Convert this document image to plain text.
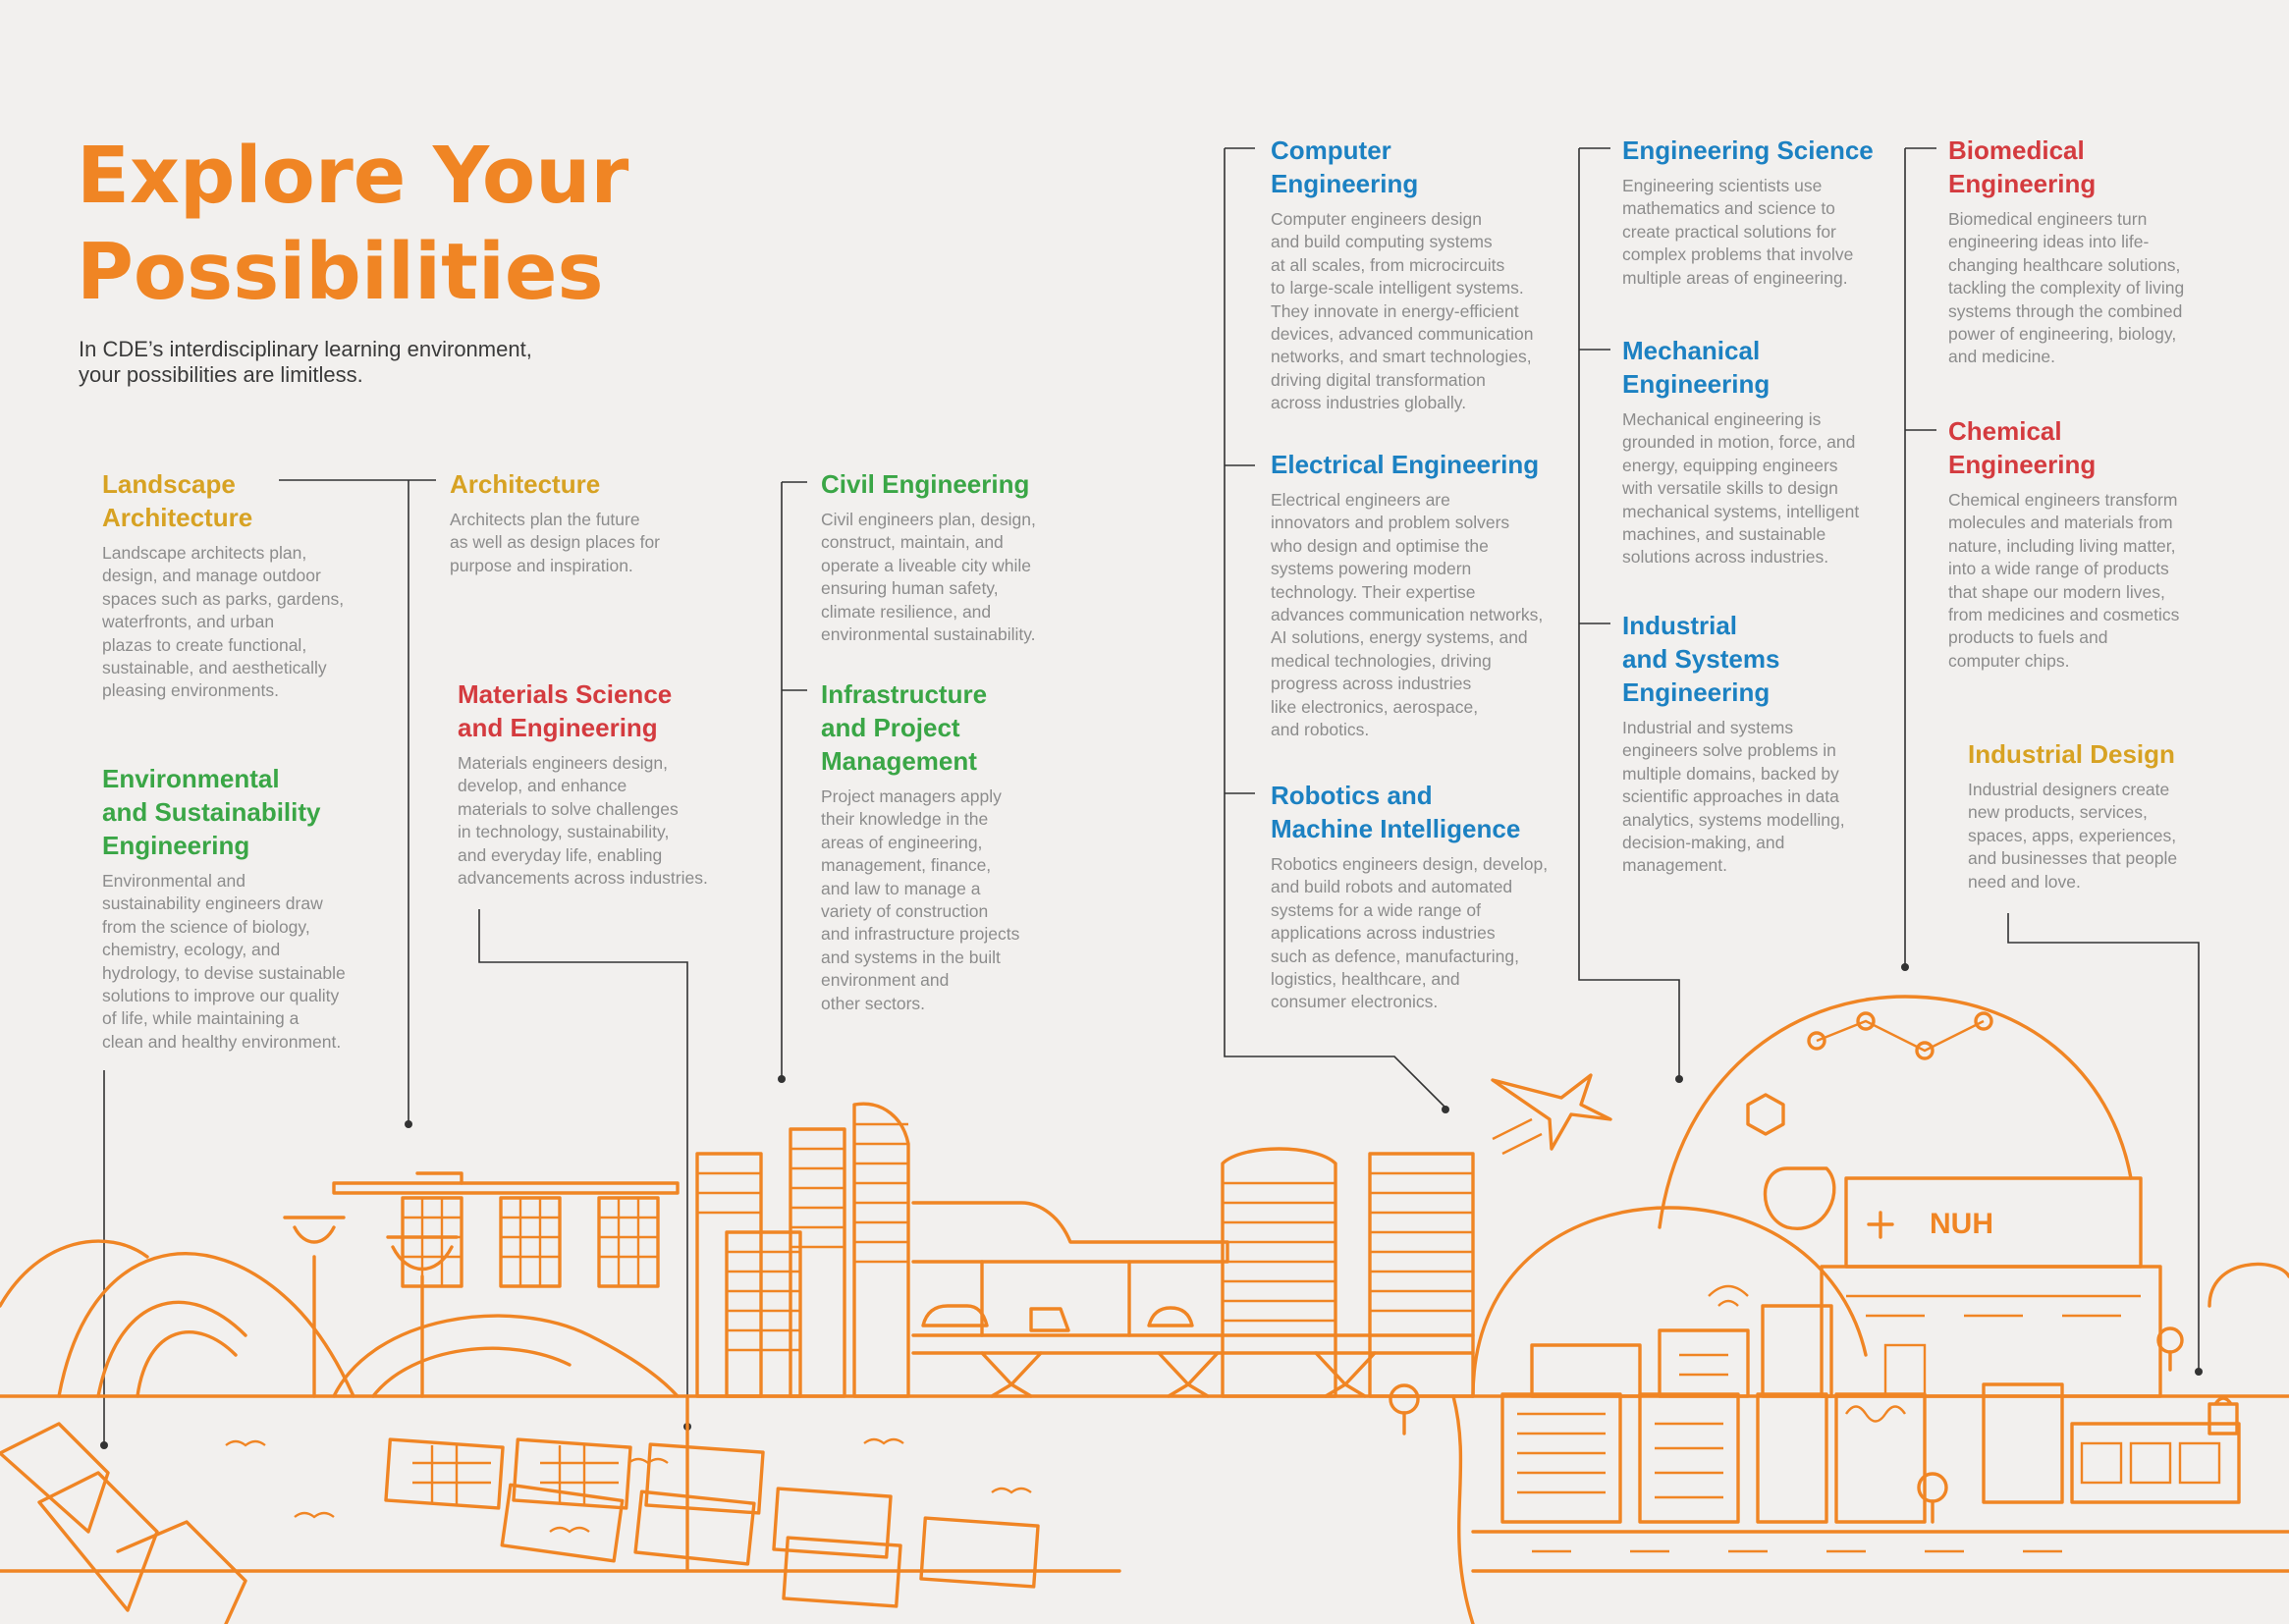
Explore Your
Possibilities

In CDE’s interdisciplinary learning environment,
your possibilities are limitless.

Landscape
Architecture

Landscape architects plan,
design, and manage outdoor
spaces such as parks, gardens,
waterfronts, and urban
plazas to create functional,
sustainable, and aesthetically
pleasing environments.

Architecture

Architects plan the future
as well as design places for
purpose and inspiration.

Environmental
and Sustainability
Engineering

Environmental and
sustainability engineers draw
from the science of biology,
chemistry, ecology, and
hydrology, to devise sustainable
solutions to improve our quality
of life, while maintaining a
clean and healthy environment.

Materials Science
and Engineering

Materials engineers design,
develop, and enhance
materials to solve challenges
in technology, sustainability,
and everyday life, enabling
advancements across industries.

Civil Engineering

Civil engineers plan, design,
construct, maintain, and
operate a liveable city while
ensuring human safety,
climate resilience, and
environmental sustainability.

Infrastructure
and Project
Management

Project managers apply
their knowledge in the
areas of engineering,
management, finance,
and law to manage a
variety of construction
and infrastructure projects
and systems in the built
environment and
other sectors.

Computer
Engineering

Computer engineers design
and build computing systems
at all scales, from microcircuits
to large-scale intelligent systems.
They innovate in energy-efficient
devices, advanced communication
networks, and smart technologies,
driving digital transformation
across industries globally.

Electrical Engineering

Electrical engineers are
innovators and problem solvers
who design and optimise the
systems powering modern
technology. Their expertise
advances communication networks,
AI solutions, energy systems, and
medical technologies, driving
progress across industries
like electronics, aerospace,
and robotics.

Robotics and
Machine Intelligence

Robotics engineers design, develop,
and build robots and automated
systems for a wide range of
applications across industries
such as defence, manufacturing,
logistics, healthcare, and
consumer electronics.

Engineering Science

Engineering scientists use
mathematics and science to
create practical solutions for
complex problems that involve
multiple areas of engineering.

Mechanical
Engineering

Mechanical engineering is
grounded in motion, force, and
energy, equipping engineers
with versatile skills to design
mechanical systems, intelligent
machines, and sustainable
solutions across industries.

Industrial
and Systems
Engineering

Industrial and systems
engineers solve problems in
multiple domains, backed by
scientific approaches in data
analytics, systems modelling,
decision-making, and
management.

Biomedical
Engineering

Biomedical engineers turn
engineering ideas into life-
changing healthcare solutions,
tackling the complexity of living
systems through the combined
power of engineering, biology,
and medicine.

Chemical
Engineering

Chemical engineers transform
molecules and materials from
nature, including living matter,
into a wide range of products
that shape our modern lives,
from medicines and cosmetics
products to fuels and
computer chips.

Industrial Design

Industrial designers create
new products, services,
spaces, apps, experiences,
and businesses that people
need and love.

NUH
